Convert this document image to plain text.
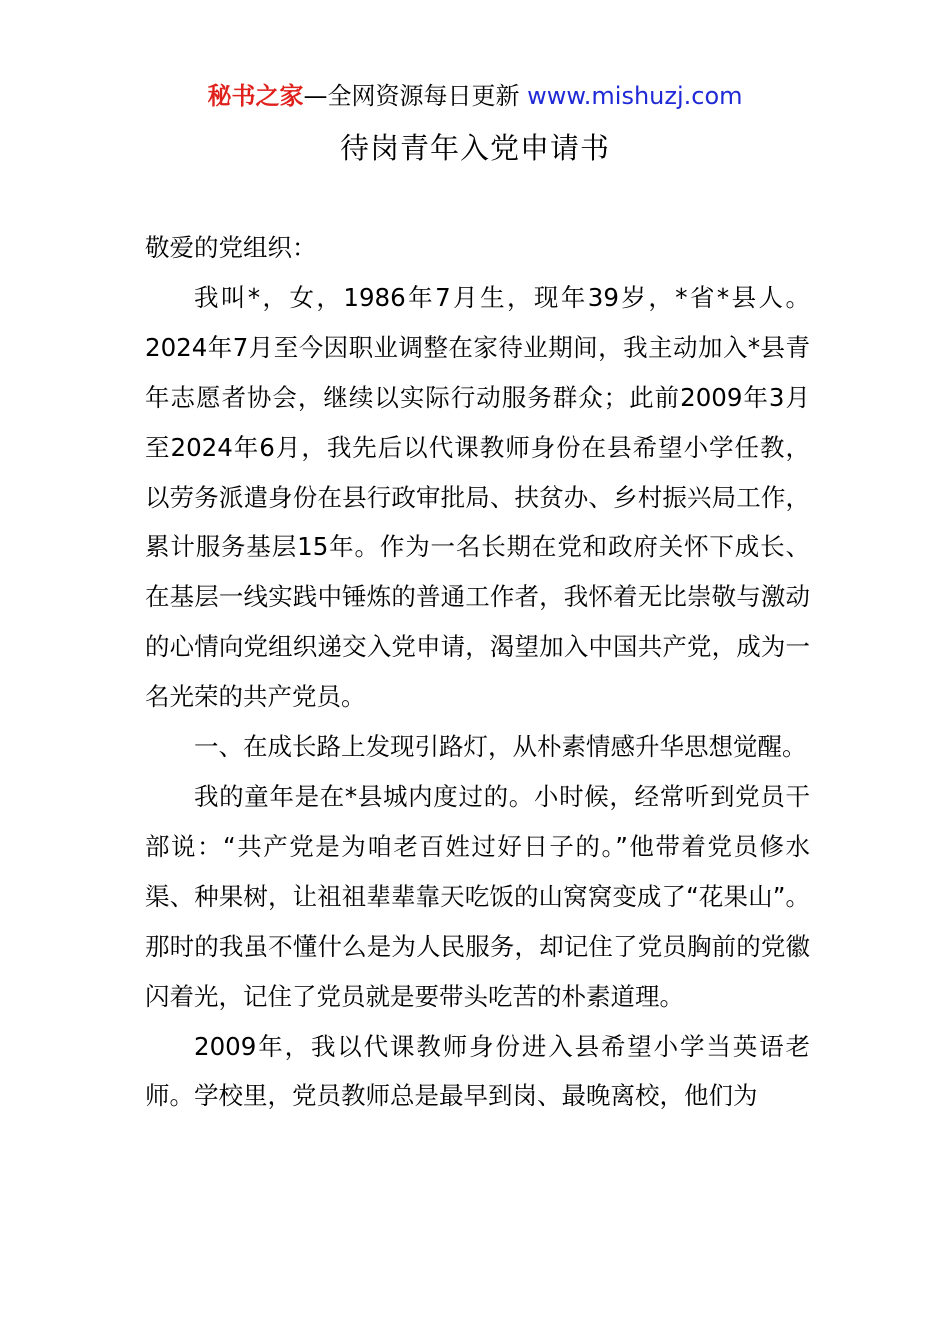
秘书之家—全网资源每日更新 www.mishuzj.com
待岗青年入党申请书

敬爱的党组织：

我叫*，女，1986年7月生，现年39岁，*省*县人。2024年7月至今因职业调整在家待业期间，我主动加入*县青年志愿者协会，继续以实际行动服务群众；此前2009年3月至2024年6月，我先后以代课教师身份在县希望小学任教，以劳务派遣身份在县行政审批局、扶贫办、乡村振兴局工作，累计服务基层15年。作为一名长期在党和政府关怀下成长、在基层一线实践中锤炼的普通工作者，我怀着无比崇敬与激动的心情向党组织递交入党申请，渴望加入中国共产党，成为一名光荣的共产党员。

一、在成长路上发现引路灯，从朴素情感升华思想觉醒。

我的童年是在*县城内度过的。小时候，经常听到党员干部说：“共产党是为咱老百姓过好日子的。”他带着党员修水渠、种果树，让祖祖辈辈靠天吃饭的山窝窝变成了“花果山”。那时的我虽不懂什么是为人民服务，却记住了党员胸前的党徽闪着光，记住了党员就是要带头吃苦的朴素道理。

2009年，我以代课教师身份进入县希望小学当英语老师。学校里，党员教师总是最早到岗、最晚离校，他们为
